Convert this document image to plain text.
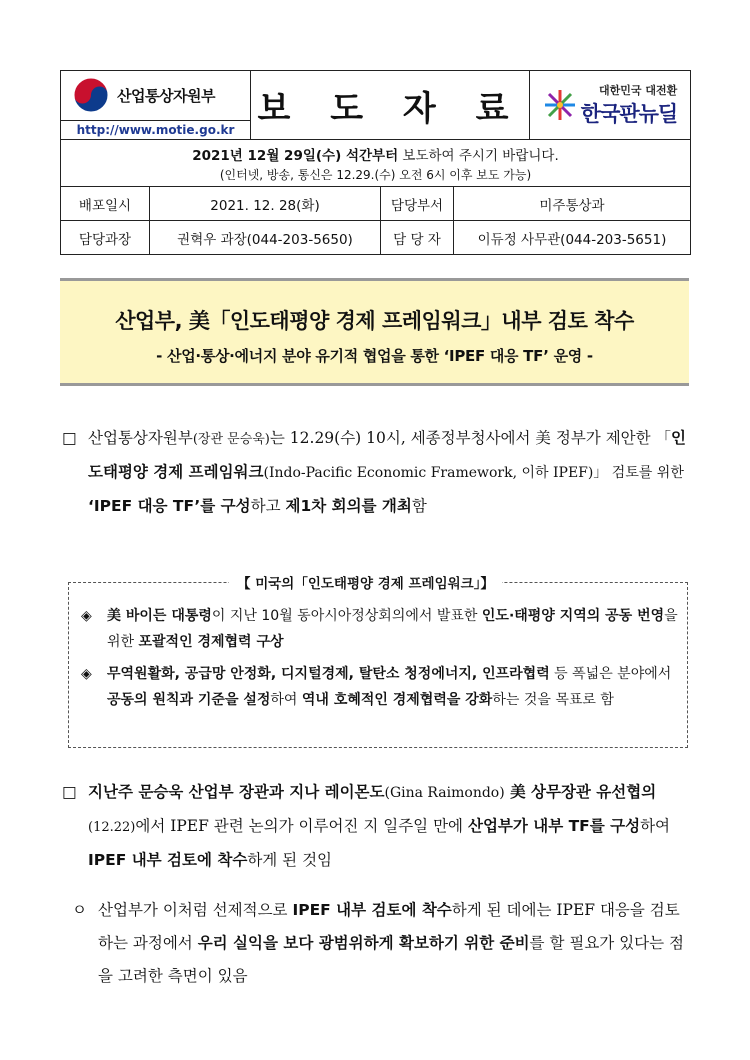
산업통상자원부
http://www.motie.go.kr
보 도 자 료	대한민국 대전환
한국판뉴딜
2021년 12월 29일(수) 석간부터 보도하여 주시기 바랍니다.
(인터넷, 방송, 통신은 12.29.(수) 오전 6시 이후 보도 가능)
배포일시	2021. 12. 28(화)	담당부서	미주통상과
담당과장	권혁우 과장(044-203-5650)	담 당 자	이듀정 사무관(044-203-5651)
산업부, 美「인도태평양 경제 프레임워크」내부 검토 착수
- 산업·통상·에너지 분야 유기적 협업을 통한 ‘IPEF 대응 TF’ 운영 -
□ 산업통상자원부(장관 문승욱)는 12.29(수) 10시, 세종정부청사에서 美 정부가 제안한 「인도태평양 경제 프레임워크(Indo-Pacific Economic Framework, 이하 IPEF)」 검토를 위한 ‘IPEF 대응 TF’를 구성하고 제1차 회의를 개최함
【 미국의「인도태평양 경제 프레임워크」】
◈	美 바이든 대통령이 지난 10월 동아시아정상회의에서 발표한 인도·태평양 지역의 공동 번영을 위한 포괄적인 경제협력 구상
◈	무역원활화, 공급망 안정화, 디지털경제, 탈탄소 청정에너지, 인프라협력 등 폭넓은 분야에서 공동의 원칙과 기준을 설정하여 역내 호혜적인 경제협력을 강화하는 것을 목표로 함
□ 지난주 문승욱 산업부 장관과 지나 레이몬도(Gina Raimondo) 美 상무장관 유선협의(12.22)에서 IPEF 관련 논의가 이루어진 지 일주일 만에 산업부가 내부 TF를 구성하여 IPEF 내부 검토에 착수하게 된 것임
ㅇ 산업부가 이처럼 선제적으로 IPEF 내부 검토에 착수하게 된 데에는 IPEF 대응을 검토하는 과정에서 우리 실익을 보다 광범위하게 확보하기 위한 준비를 할 필요가 있다는 점을 고려한 측면이 있음
